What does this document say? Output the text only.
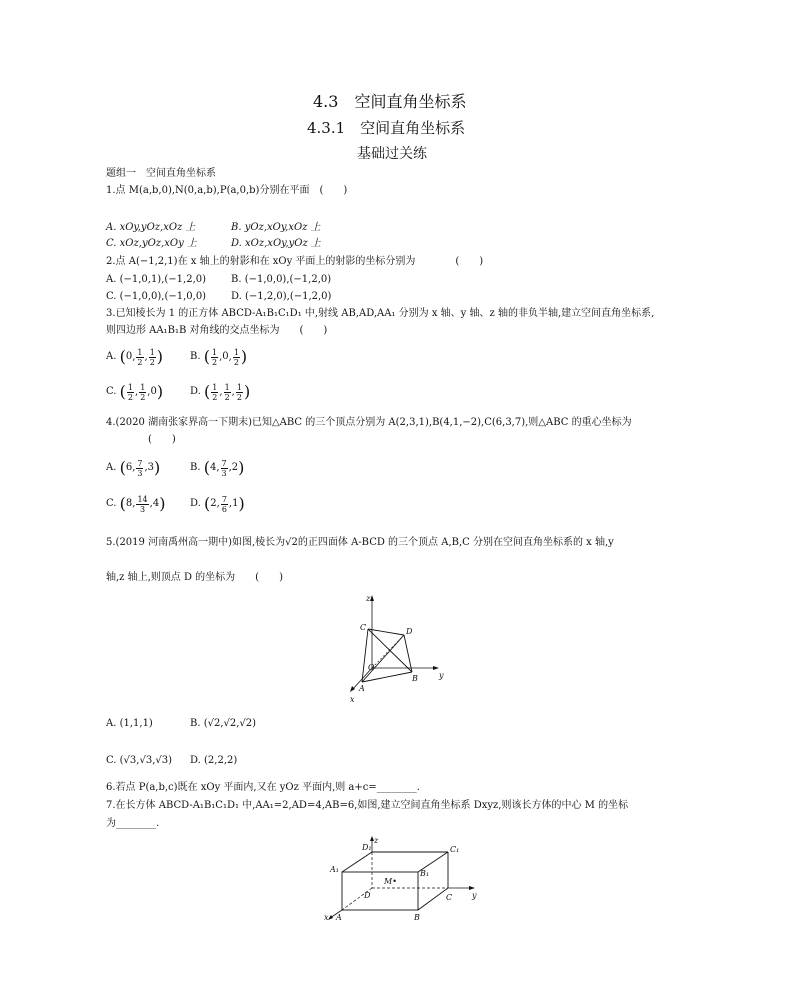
4.3　空间直角坐标系
4.3.1　空间直角坐标系
基础过关练
题组一　空间直角坐标系
1.点 M(a,b,0),N(0,a,b),P(a,0,b)分别在平面　(　　)
A. xOy,yOz,xOz 上	B. yOz,xOy,xOz 上
C. xOz,yOz,xOy 上	D. xOz,xOy,yOz 上
2.点 A(−1,2,1)在 x 轴上的射影和在 xOy 平面上的射影的坐标分别为　　　　(　　)
A. (−1,0,1),(−1,2,0) B. (−1,0,0),(−1,2,0)
C. (−1,0,0),(−1,0,0) D. (−1,2,0),(−1,2,0)
3.已知棱长为 1 的正方体 ABCD-A₁B₁C₁D₁ 中,射线 AB,AD,AA₁ 分别为 x 轴、y 轴、z 轴的非负半轴,建立空间直角坐标系,
则四边形 AA₁B₁B 对角线的交点坐标为　　(　　)
A. (0, $\frac{1}{2}$ , $\frac{1}{2}$ )	B. ( $\frac{1}{2} ,0$, $\frac{1}{2}$ )
C. ( $\frac{1}{2}$ , $\frac{1}{2} ,0$)	D. ( $\frac{1}{2}$ , $\frac{1}{2}$ , $\frac{1}{2}$ )
4.(2020 湖南张家界高一下期末)已知△ABC 的三个顶点分别为 A(2,3,1),B(4,1,−2),C(6,3,7),则△ABC 的重心坐标为
(　　)
A. (6, $\frac{7}{3} ,3$)	B. (4, $\frac{7}{3} ,2$)
C. (8, $\frac{14}{3} ,4$) D. (2, $\frac{7}{6} ,1$)
5.(2019 河南禹州高一期中)如图,棱长为√2的正四面体 A-BCD 的三个顶点 A,B,C 分别在空间直角坐标系的 x 轴,y
轴,z 轴上,则顶点 D 的坐标为　　(　　)
z
y
x
O
A
B
C	D
A. (1,1,1)	B. (√2,√2,√2)
C. (√3,√3,√3) D. (2,2,2)
6.若点 P(a,b,c)既在 xOy 平面内,又在 yOz 平面内,则 a+c=________.
7.在长方体 ABCD-A₁B₁C₁D₁ 中,AA₁=2,AD=4,AB=6,如图,建立空间直角坐标系 Dxyz,则该长方体的中心 M 的坐标
为________.
z
y
x
D₁	C₁
A₁	B₁
M•
D	C
A	B
